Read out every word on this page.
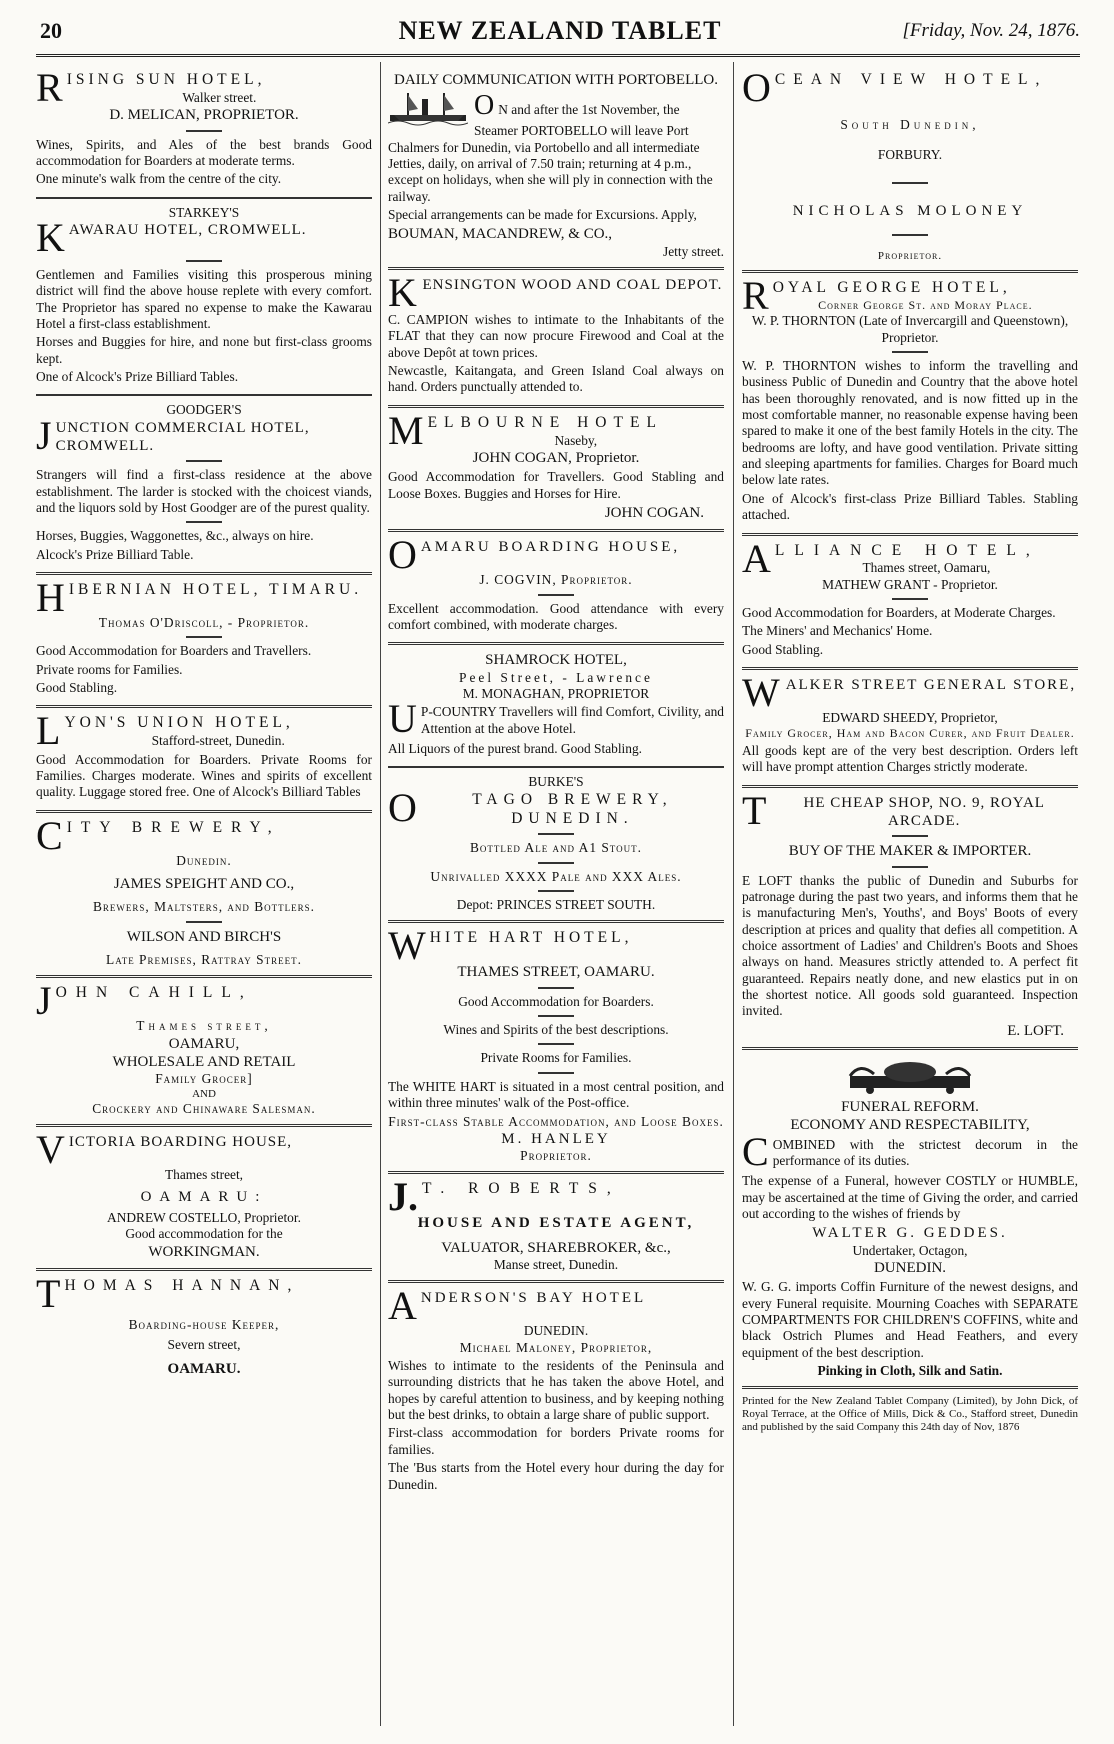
20	NEW ZEALAND TABLET	[Friday, Nov. 24, 1876.
R ISING SUN HOTEL,
Walker street.
D. MELICAN, PROPRIETOR.

Wines, Spirits, and Ales of the best brands Good accommodation for Boarders at moderate terms.

One minute's walk from the centre of the city.

STARKEY'S
K AWARAU HOTEL, CROMWELL.

Gentlemen and Families visiting this prosperous mining district will find the above house replete with every comfort. The Proprietor has spared no expense to make the Kawarau Hotel a first-class establishment.

Horses and Buggies for hire, and none but first-class grooms kept.

One of Alcock's Prize Billiard Tables.

GOODGER'S
J UNCTION COMMERCIAL HOTEL, CROMWELL.

Strangers will find a first-class residence at the above establishment. The larder is stocked with the choicest viands, and the liquors sold by Host Goodger are of the purest quality.

Horses, Buggies, Waggonettes, &c., always on hire.

Alcock's Prize Billiard Table.

H IBERNIAN HOTEL, TIMARU.
Thomas O'Driscoll, - Proprietor.

Good Accommodation for Boarders and Travellers.

Private rooms for Families.

Good Stabling.

L YON'S UNION HOTEL,
Stafford-street, Dunedin.

Good Accommodation for Boarders. Private Rooms for Families. Charges moderate. Wines and spirits of excellent quality. Luggage stored free. One of Alcock's Billiard Tables

C ITY BREWERY,
Dunedin.
JAMES SPEIGHT AND CO.,
Brewers, Maltsters, and Bottlers.
WILSON AND BIRCH'S
Late Premises, Rattray Street.
J OHN CAHILL,
Thames street,
OAMARU,
WHOLESALE AND RETAIL
Family Grocer]
AND
Crockery and Chinaware Salesman.
V ICTORIA BOARDING HOUSE,
Thames street,
OAMARU:
ANDREW COSTELLO, Proprietor.
Good accommodation for the
WORKINGMAN.
T HOMAS HANNAN,
Boarding-house Keeper,
Severn street,
OAMARU.
DAILY COMMUNICATION WITH PORTOBELLO.
O N and after the 1st November, the Steamer PORTOBELLO will leave Port Chalmers for Dunedin, via Portobello and all intermediate Jetties, daily, on arrival of 7.50 train; returning at 4 p.m., except on holidays, when she will ply in connection with the railway.

Special arrangements can be made for Excursions. Apply,

BOUMAN, MACANDREW, & CO.,
Jetty street.
K ENSINGTON WOOD AND COAL DEPOT.

C. CAMPION wishes to intimate to the Inhabitants of the FLAT that they can now procure Firewood and Coal at the above Depôt at town prices.

Newcastle, Kaitangata, and Green Island Coal always on hand. Orders punctually attended to.

M ELBOURNE HOTEL
Naseby,
JOHN COGAN, Proprietor.

Good Accommodation for Travellers. Good Stabling and Loose Boxes. Buggies and Horses for Hire.

JOHN COGAN.
O AMARU BOARDING HOUSE,
J. COGVIN, Proprietor.

Excellent accommodation. Good attendance with every comfort combined, with moderate charges.

SHAMROCK HOTEL,
Peel Street, - Lawrence
M. MONAGHAN, PROPRIETOR
U P-COUNTRY Travellers will find Comfort, Civility, and Attention at the above Hotel.

All Liquors of the purest brand. Good Stabling.

BURKE'S
O	TAGO BREWERY, DUNEDIN.
Bottled Ale and A1 Stout.
Unrivalled XXXX Pale and XXX Ales.
Depot: PRINCES STREET SOUTH.
W HITE HART HOTEL,
THAMES STREET, OAMARU.
Good Accommodation for Boarders.
Wines and Spirits of the best descriptions.
Private Rooms for Families.

The WHITE HART is situated in a most central position, and within three minutes' walk of the Post-office.

First-class Stable Accommodation, and Loose Boxes.
M. HANLEY
Proprietor.
J. T. ROBERTS,
HOUSE AND ESTATE AGENT,
VALUATOR, SHAREBROKER, &c.,
Manse street, Dunedin.
A NDERSON'S BAY HOTEL
DUNEDIN.
Michael Maloney, Proprietor,

Wishes to intimate to the residents of the Peninsula and surrounding districts that he has taken the above Hotel, and hopes by careful attention to business, and by keeping nothing but the best drinks, to obtain a large share of public support.

First-class accommodation for borders Private rooms for families.

The 'Bus starts from the Hotel every hour during the day for Dunedin.

O CEAN VIEW HOTEL,
South Dunedin,
FORBURY.
NICHOLAS MOLONEY
Proprietor.
R OYAL GEORGE HOTEL,
Corner George St. and Moray Place.
W. P. THORNTON (Late of Invercargill and Queenstown), Proprietor.

W. P. THORNTON wishes to inform the travelling and business Public of Dunedin and Country that the above hotel has been thoroughly renovated, and is now fitted up in the most comfortable manner, no reasonable expense having been spared to make it one of the best family Hotels in the city. The bedrooms are lofty, and have good ventilation. Private sitting and sleeping apartments for families. Charges for Board much below late rates.

One of Alcock's first-class Prize Billiard Tables. Stabling attached.

A LLIANCE HOTEL,
Thames street, Oamaru,
MATHEW GRANT - Proprietor.

Good Accommodation for Boarders, at Moderate Charges.

The Miners' and Mechanics' Home.

Good Stabling.

W ALKER STREET GENERAL STORE,
EDWARD SHEEDY, Proprietor,
Family Grocer, Ham and Bacon Curer, and Fruit Dealer.

All goods kept are of the very best description. Orders left will have prompt attention Charges strictly moderate.

T	HE CHEAP SHOP, NO. 9, ROYAL ARCADE.
BUY OF THE MAKER & IMPORTER.

E LOFT thanks the public of Dunedin and Suburbs for patronage during the past two years, and informs them that he is manufacturing Men's, Youths', and Boys' Boots of every description at prices and quality that defies all competition. A choice assortment of Ladies' and Children's Boots and Shoes always on hand. Measures strictly attended to. A perfect fit guaranteed. Repairs neatly done, and new elastics put in on the shortest notice. All goods sold guaranteed. Inspection invited.

E. LOFT.
FUNERAL REFORM.
ECONOMY AND RESPECTABILITY,
C OMBINED with the strictest decorum in the performance of its duties.

The expense of a Funeral, however COSTLY or HUMBLE, may be ascertained at the time of Giving the order, and carried out according to the wishes of friends by

WALTER G. GEDDES.
Undertaker, Octagon,
DUNEDIN.

W. G. G. imports Coffin Furniture of the newest designs, and every Funeral requisite. Mourning Coaches with SEPARATE COMPARTMENTS FOR CHILDREN'S COFFINS, white and black Ostrich Plumes and Head Feathers, and every equipment of the best description.

Pinking in Cloth, Silk and Satin.
Printed for the New Zealand Tablet Company (Limited), by John Dick, of Royal Terrace, at the Office of Mills, Dick & Co., Stafford street, Dunedin and published by the said Company this 24th day of Nov, 1876
